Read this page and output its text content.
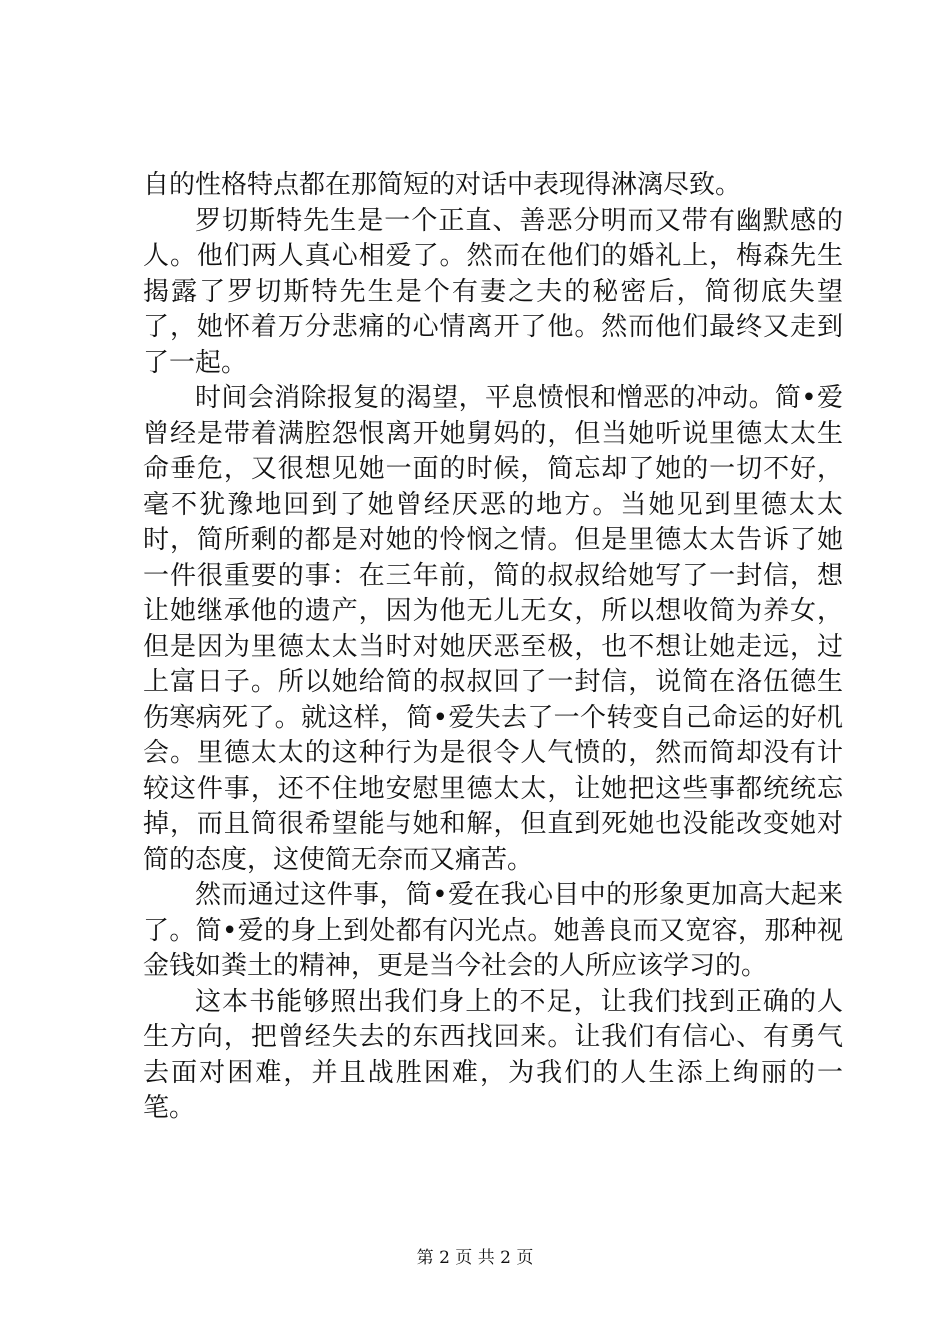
自的性格特点都在那简短的对话中表现得淋漓尽致。

罗切斯特先生是一个正直、善恶分明而又带有幽默感的人。他们两人真心相爱了。然而在他们的婚礼上，梅森先生揭露了罗切斯特先生是个有妻之夫的秘密后，简彻底失望了，她怀着万分悲痛的心情离开了他。然而他们最终又走到了一起。

时间会消除报复的渴望，平息愤恨和憎恶的冲动。简•爱曾经是带着满腔怨恨离开她舅妈的，但当她听说里德太太生命垂危，又很想见她一面的时候，简忘却了她的一切不好，毫不犹豫地回到了她曾经厌恶的地方。当她见到里德太太时，简所剩的都是对她的怜悯之情。但是里德太太告诉了她一件很重要的事：在三年前，简的叔叔给她写了一封信，想让她继承他的遗产，因为他无儿无女，所以想收简为养女，但是因为里德太太当时对她厌恶至极，也不想让她走远，过上富日子。所以她给简的叔叔回了一封信，说简在洛伍德生伤寒病死了。就这样，简•爱失去了一个转变自己命运的好机会。里德太太的这种行为是很令人气愤的，然而简却没有计较这件事，还不住地安慰里德太太，让她把这些事都统统忘掉，而且简很希望能与她和解，但直到死她也没能改变她对简的态度，这使简无奈而又痛苦。

然而通过这件事，简•爱在我心目中的形象更加高大起来了。简•爱的身上到处都有闪光点。她善良而又宽容，那种视金钱如粪土的精神，更是当今社会的人所应该学习的。

这本书能够照出我们身上的不足，让我们找到正确的人生方向，把曾经失去的东西找回来。让我们有信心、有勇气去面对困难，并且战胜困难，为我们的人生添上绚丽的一笔。

第 2 页 共 2 页
